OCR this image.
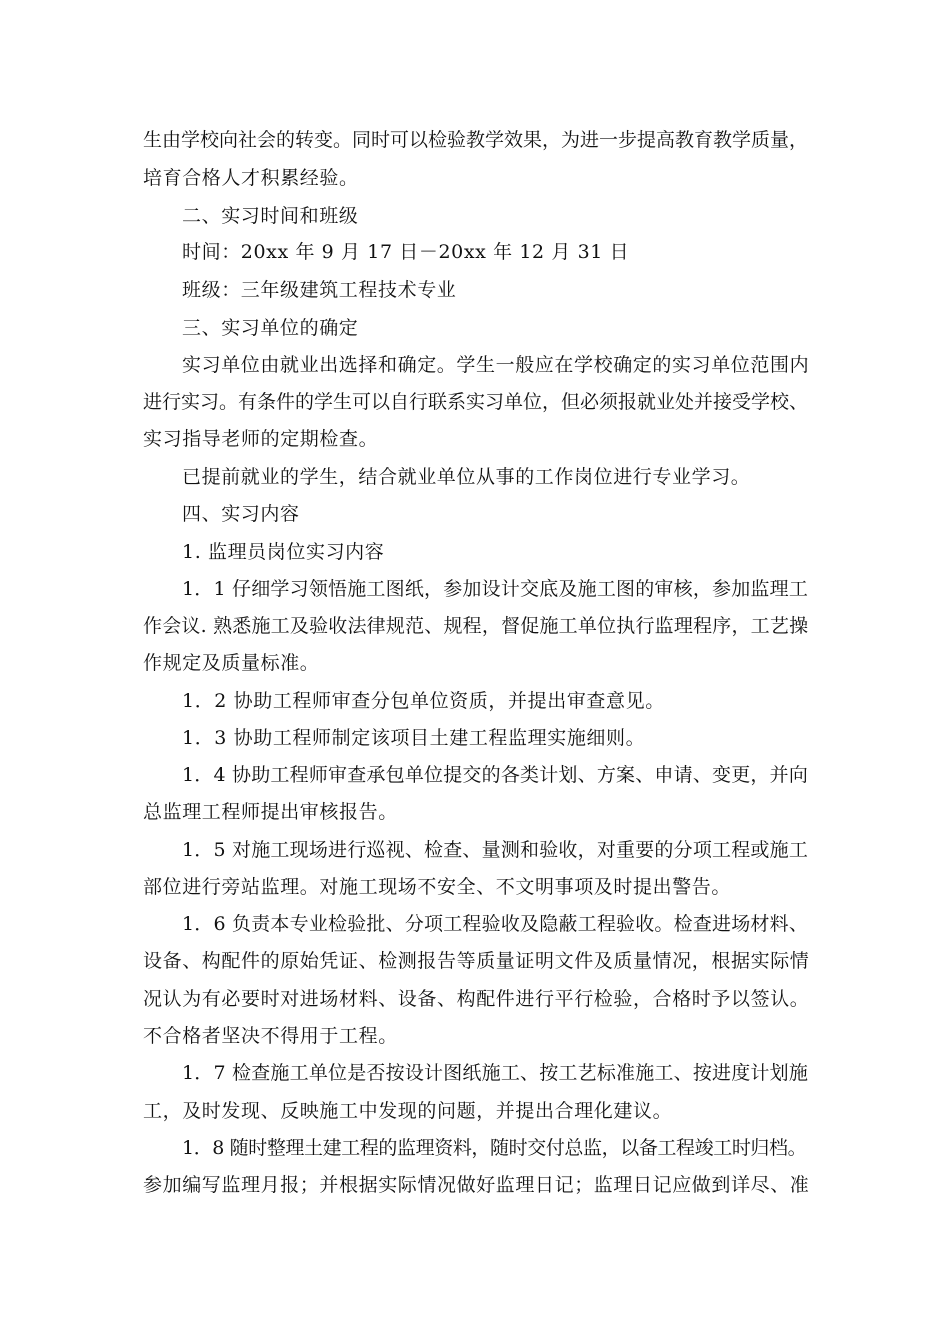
生由学校向社会的转变。同时可以检验教学效果，为进一步提高教育教学质量，
培育合格人才积累经验。
二、实习时间和班级
时间：20xx 年 9 月 17 日－20xx 年 12 月 31 日
班级：三年级建筑工程技术专业
三、实习单位的确定
实习单位由就业出选择和确定。学生一般应在学校确定的实习单位范围内
进行实习。有条件的学生可以自行联系实习单位，但必须报就业处并接受学校、
实习指导老师的定期检查。
已提前就业的学生，结合就业单位从事的工作岗位进行专业学习。
四、实习内容
1. 监理员岗位实习内容
1．1 仔细学习领悟施工图纸，参加设计交底及施工图的审核，参加监理工
作会议. 熟悉施工及验收法律规范、规程，督促施工单位执行监理程序，工艺操
作规定及质量标准。
1．2 协助工程师审查分包单位资质，并提出审查意见。
1．3 协助工程师制定该项目土建工程监理实施细则。
1．4 协助工程师审查承包单位提交的各类计划、方案、申请、变更，并向
总监理工程师提出审核报告。
1．5 对施工现场进行巡视、检查、量测和验收，对重要的分项工程或施工
部位进行旁站监理。对施工现场不安全、不文明事项及时提出警告。
1．6 负责本专业检验批、分项工程验收及隐蔽工程验收。检查进场材料、
设备、构配件的原始凭证、检测报告等质量证明文件及质量情况，根据实际情
况认为有必要时对进场材料、设备、构配件进行平行检验，合格时予以签认。
不合格者坚决不得用于工程。
1．7 检查施工单位是否按设计图纸施工、按工艺标准施工、按进度计划施
工，及时发现、反映施工中发现的问题，并提出合理化建议。
1．8 随时整理土建工程的监理资料，随时交付总监，以备工程竣工时归档。
参加编写监理月报；并根据实际情况做好监理日记；监理日记应做到详尽、准
